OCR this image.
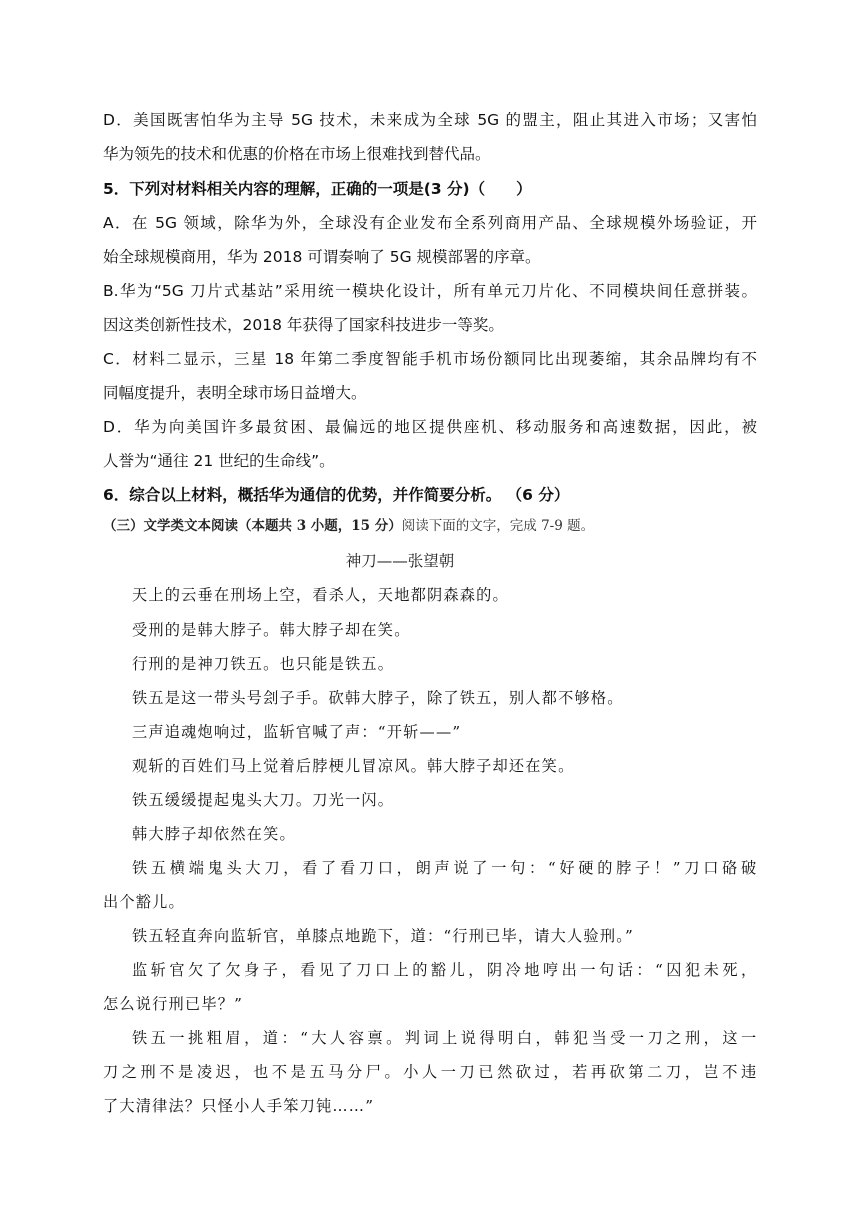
D．美国既害怕华为主导 5G 技术，未来成为全球 5G 的盟主，阻止其进入市场；又害怕
华为领先的技术和优惠的价格在市场上很难找到替代品。
5．下列对材料相关内容的理解，正确的一项是(3 分)（　　）
A．在 5G 领域，除华为外，全球没有企业发布全系列商用产品、全球规模外场验证，开
始全球规模商用，华为 2018 可谓奏响了 5G 规模部署的序章。
B.华为“5G 刀片式基站”采用统一模块化设计，所有单元刀片化、不同模块间任意拼装。
因这类创新性技术，2018 年获得了国家科技进步一等奖。
C．材料二显示，三星 18 年第二季度智能手机市场份额同比出现萎缩，其余品牌均有不
同幅度提升，表明全球市场日益增大。
D．华为向美国许多最贫困、最偏远的地区提供座机、移动服务和高速数据，因此，被
人誉为“通往 21 世纪的生命线”。
6．综合以上材料，概括华为通信的优势，并作简要分析。 （6 分）
（三）文学类文本阅读（本题共 3 小题，15 分）阅读下面的文字，完成 7-9 题。
神刀——张望朝
天上的云垂在刑场上空，看杀人，天地都阴森森的。
受刑的是韩大脖子。韩大脖子却在笑。
行刑的是神刀铁五。也只能是铁五。
铁五是这一带头号刽子手。砍韩大脖子，除了铁五，别人都不够格。
三声追魂炮响过，监斩官喊了声：“开斩——”
观斩的百姓们马上觉着后脖梗儿冒凉风。韩大脖子却还在笑。
铁五缓缓提起鬼头大刀。刀光一闪。
韩大脖子却依然在笑。
铁五横端鬼头大刀，看了看刀口，朗声说了一句：“好硬的脖子！”刀口硌破
出个豁儿。
铁五轻直奔向监斩官，单膝点地跪下，道：“行刑已毕，请大人验刑。”
监斩官欠了欠身子，看见了刀口上的豁儿，阴冷地哼出一句话：“囚犯未死，
怎么说行刑已毕？”
铁五一挑粗眉，道：“大人容禀。判词上说得明白，韩犯当受一刀之刑，这一
刀之刑不是凌迟，也不是五马分尸。小人一刀已然砍过，若再砍第二刀，岂不违
了大清律法？只怪小人手笨刀钝……”
